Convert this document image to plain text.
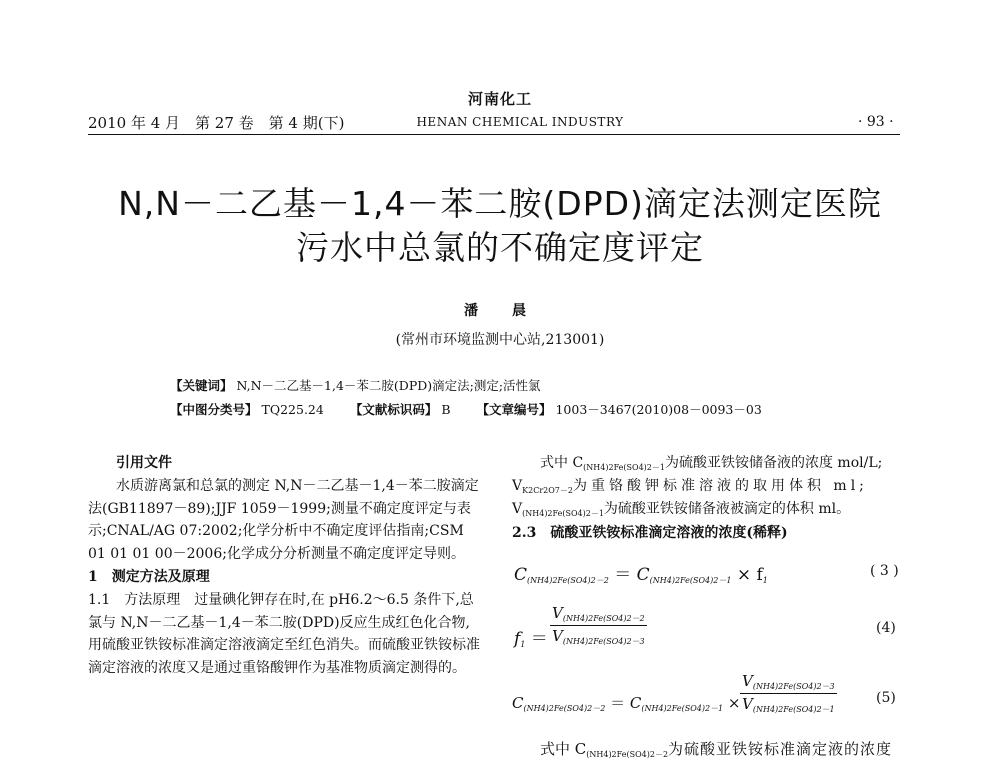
河南化工
2010 年 4 月　第 27 卷　第 4 期(下)	HENAN CHEMICAL INDUSTRY	· 93 ·
N,N－二乙基－1,4－苯二胺(DPD)滴定法测定医院
污水中总氯的不确定度评定
潘　晨
(常州市环境监测中心站,213001)
【关键词】 N,N－二乙基－1,4－苯二胺(DPD)滴定法;测定;活性氯
【中图分类号】 TQ225.24 【文献标识码】 B 【文章编号】 1003－3467(2010)08－0093－03

引用文件

水质游离氯和总氯的测定 N,N－二乙基－1,4－苯二胺滴定法(GB11897－89);JJF 1059－1999;测量不确定度评定与表示;CNAL/AG 07:2002;化学分析中不确定度评估指南;CSM 01 01 01 00－2006;化学成分分析测量不确定度评定导则。

1　测定方法及原理

1.1　方法原理　过量碘化钾存在时,在 pH6.2～6.5 条件下,总氯与 N,N－二乙基－1,4－苯二胺(DPD)反应生成红色化合物,用硫酸亚铁铵标准滴定溶液滴定至红色消失。而硫酸亚铁铵标准滴定溶液的浓度又是通过重铬酸钾作为基准物质滴定测得的。

式中 $C_{(NH4)2Fe(SO4)2-1}$为硫酸亚铁铵储备液的浓度 mol/L;
$V_{K2Cr2O7-2}$为重铬酸钾标准溶液的取用体积 ml;
$V_{(NH4)2Fe(SO4)2-1}$为硫酸亚铁铵储备液被滴定的体积 ml。
2.3　硫酸亚铁铵标准滴定溶液的浓度(稀释)
$C_{(NH4)2Fe(SO4)2-2} = C_{(NH4)2Fe(SO4)2-1} \times f_1$
( 3 )
$f_1 = \frac{V_{(NH4)2Fe(SO4)2-2}}{V_{(NH4)2Fe(SO4)2-3}}$	(4)
$C_{(NH4)2Fe(SO4)2-2} = C_{(NH4)2Fe(SO4)2-1} \times \frac{V_{(NH4)2Fe(SO4)2-3}}{V_{(NH4)2Fe(SO4)2-1}}$	(5)
式中 $C_{(NH4)2Fe(SO4)2-2}$为硫酸亚铁铵标准滴定液的浓度
